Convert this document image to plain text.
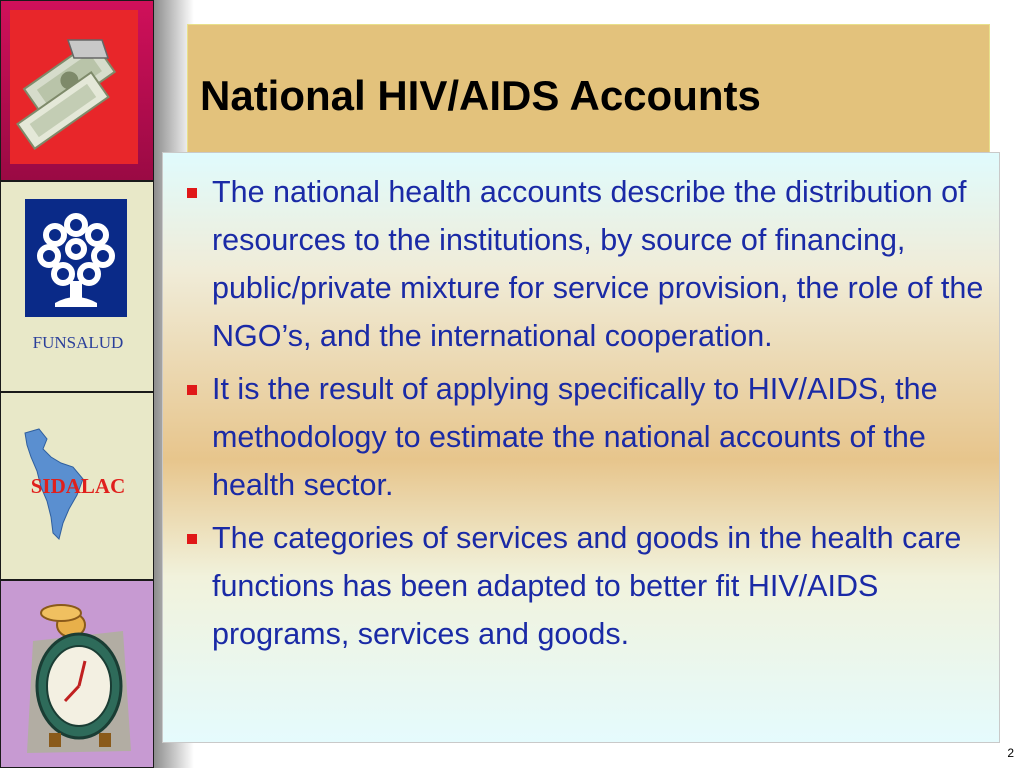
FUNSALUD
SIDALAC
National HIV/AIDS Accounts
The national health accounts describe the distribution of resources to the institutions, by source of financing, public/private mixture for service provision, the role of the NGO’s, and the international cooperation.
It is the result of applying specifically to HIV/AIDS, the methodology to estimate the national accounts of the health sector.
The categories of services and goods in the health care functions has been adapted to better fit HIV/AIDS programs, services and goods.
2
